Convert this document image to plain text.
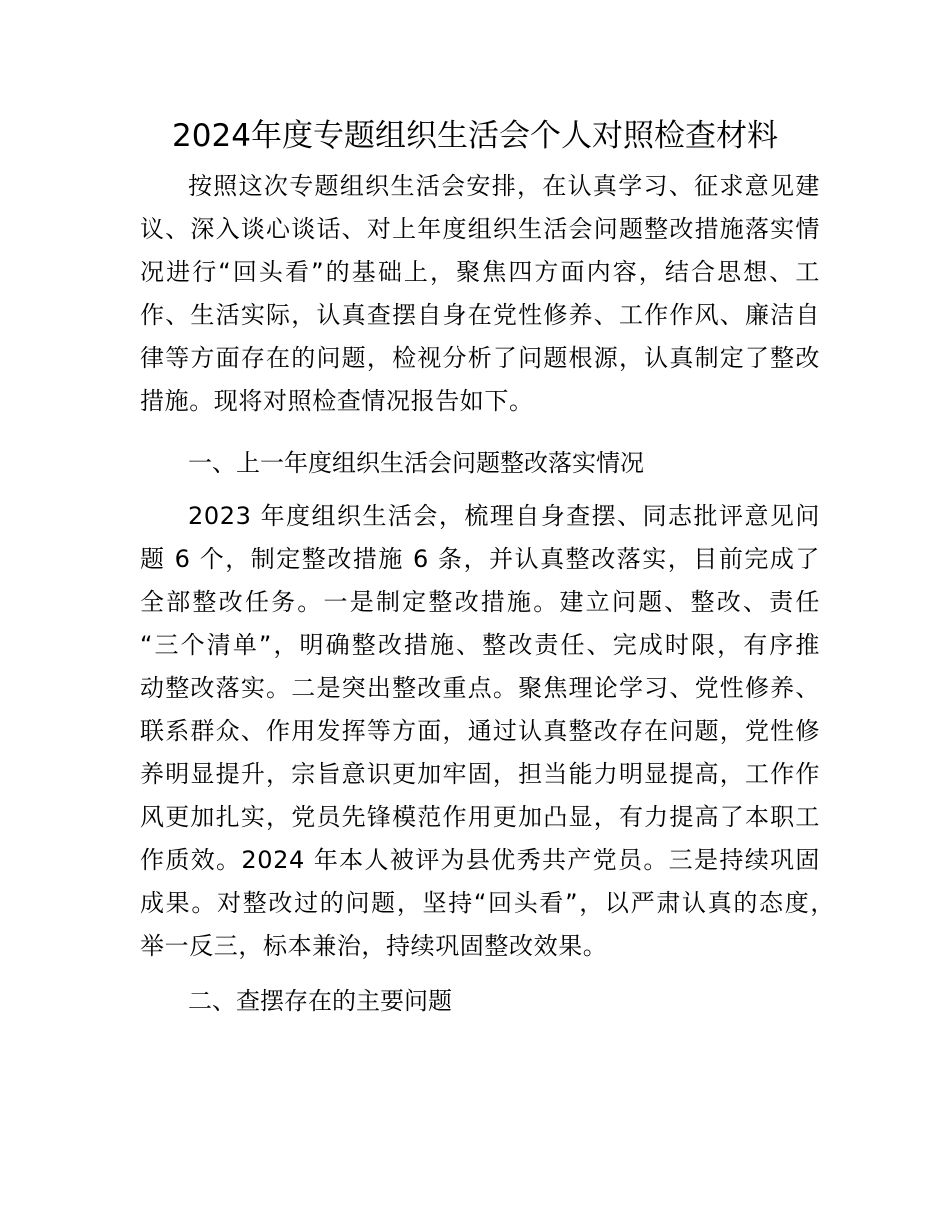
2024年度专题组织生活会个人对照检查材料
按照这次专题组织生活会安排，在认真学习、征求意见建
议、深入谈心谈话、对上年度组织生活会问题整改措施落实情
况进行“回头看”的基础上，聚焦四方面内容，结合思想、工
作、生活实际，认真查摆自身在党性修养、工作作风、廉洁自
律等方面存在的问题，检视分析了问题根源，认真制定了整改
措施。现将对照检查情况报告如下。
一、上一年度组织生活会问题整改落实情况
2023 年度组织生活会，梳理自身查摆、同志批评意见问
题 6 个，制定整改措施 6 条，并认真整改落实，目前完成了
全部整改任务。一是制定整改措施。建立问题、整改、责任
“三个清单”，明确整改措施、整改责任、完成时限，有序推
动整改落实。二是突出整改重点。聚焦理论学习、党性修养、
联系群众、作用发挥等方面，通过认真整改存在问题，党性修
养明显提升，宗旨意识更加牢固，担当能力明显提高，工作作
风更加扎实，党员先锋模范作用更加凸显，有力提高了本职工
作质效。2024 年本人被评为县优秀共产党员。三是持续巩固
成果。对整改过的问题，坚持“回头看”，以严肃认真的态度，
举一反三，标本兼治，持续巩固整改效果。
二、查摆存在的主要问题
